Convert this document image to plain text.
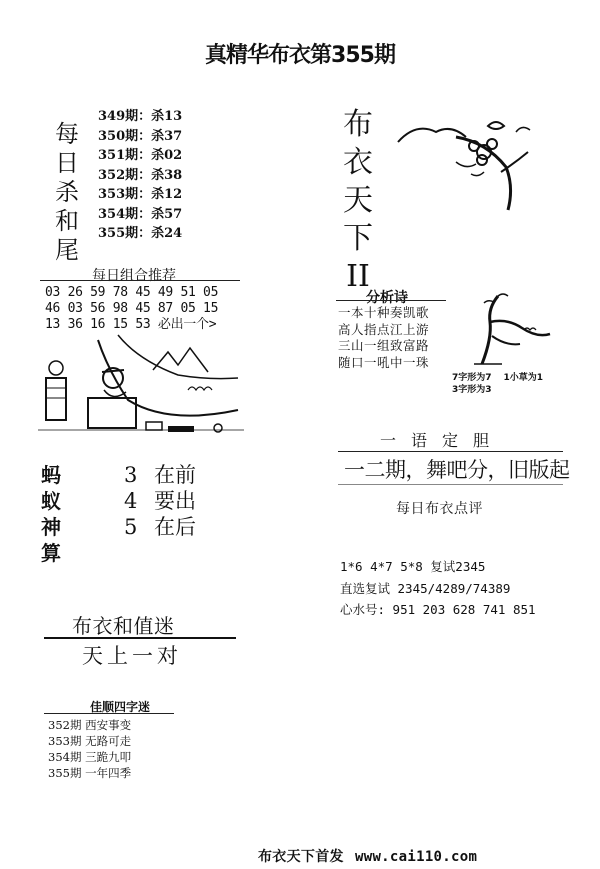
真精华布衣第355期
每
日
杀
和
尾
349期：杀13
350期：杀37
351期：杀02
352期：杀38
353期：杀12
354期：杀57
355期：杀24
布
衣
天
下
II
每日组合推荐
03 26 59 78 45 49 51 05
46 03 56 98 45 87 05 15
13 36 16 15 53 必出一个>
蚂
蚁
神
算
3 在前
4 要出
5 在后
分析诗
一本十种奏凯歌
高人指点江上游
三山一组致富路
随口一吼中一珠
7字形为7 1小草为1
3字形为3
一语定胆
一二期，舞吧分，旧版起
每日布衣点评
1*6 4*7 5*8 复试2345
直选复试 2345/4289/74389
心水号: 951 203 628 741 851
布衣和值迷
天上一对
佳顺四字迷
352期 西安事变
353期 无路可走
354期 三跪九叩
355期 一年四季
布衣天下首发 www.cai110.com
